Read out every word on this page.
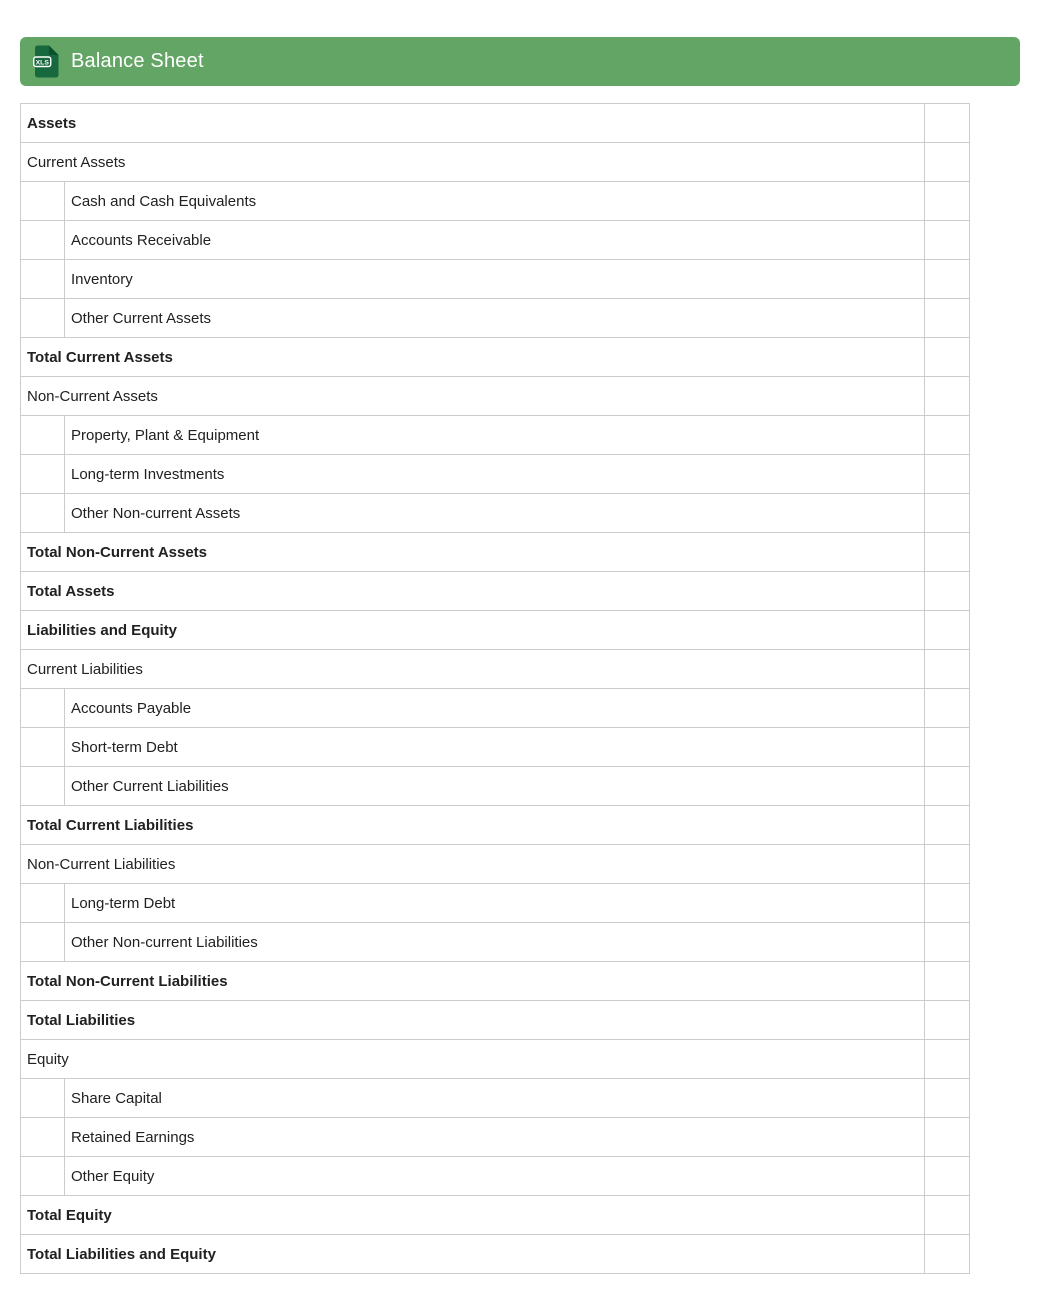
XLS Balance Sheet
Assets		
Current Assets		
	Cash and Cash Equivalents	
	Accounts Receivable	
	Inventory	
	Other Current Assets	
Total Current Assets		
Non-Current Assets		
	Property, Plant & Equipment	
	Long-term Investments	
	Other Non-current Assets	
Total Non-Current Assets		
Total Assets		
Liabilities and Equity		
Current Liabilities		
	Accounts Payable	
	Short-term Debt	
	Other Current Liabilities	
Total Current Liabilities		
Non-Current Liabilities		
	Long-term Debt	
	Other Non-current Liabilities	
Total Non-Current Liabilities		
Total Liabilities		
Equity		
	Share Capital	
	Retained Earnings	
	Other Equity	
Total Equity		
Total Liabilities and Equity		
